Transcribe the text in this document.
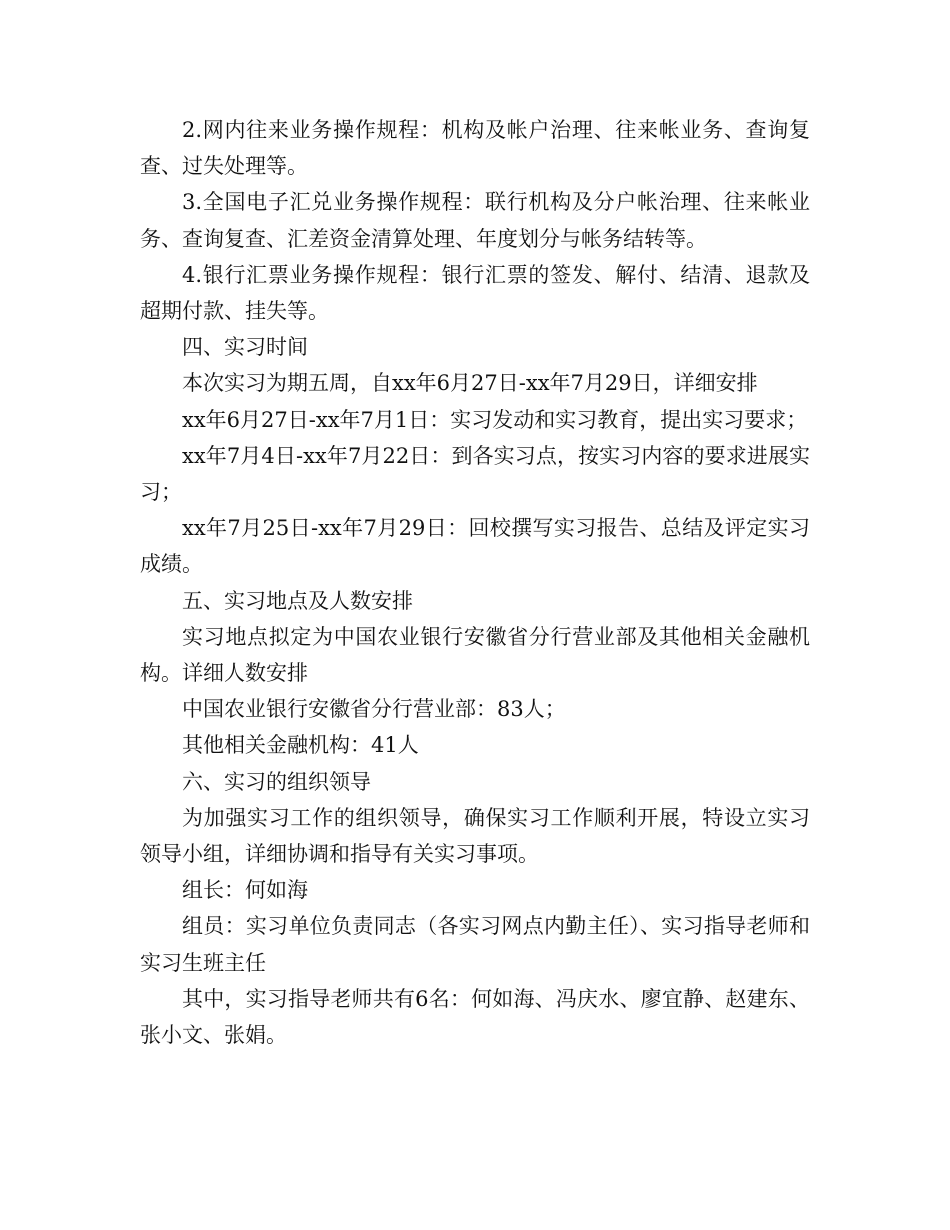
2.网内往来业务操作规程：机构及帐户治理、往来帐业务、查询复查、过失处理等。

3.全国电子汇兑业务操作规程：联行机构及分户帐治理、往来帐业务、查询复查、汇差资金清算处理、年度划分与帐务结转等。

4.银行汇票业务操作规程：银行汇票的签发、解付、结清、退款及超期付款、挂失等。

四、实习时间

本次实习为期五周，自xx年6月27日-xx年7月29日，详细安排

xx年6月27日-xx年7月1日：实习发动和实习教育，提出实习要求；

xx年7月4日-xx年7月22日：到各实习点，按实习内容的要求进展实习；

xx年7月25日-xx年7月29日：回校撰写实习报告、总结及评定实习成绩。

五、实习地点及人数安排

实习地点拟定为中国农业银行安徽省分行营业部及其他相关金融机构。详细人数安排

中国农业银行安徽省分行营业部：83人；

其他相关金融机构：41人

六、实习的组织领导

为加强实习工作的组织领导，确保实习工作顺利开展，特设立实习领导小组，详细协调和指导有关实习事项。

组长：何如海

组员：实习单位负责同志（各实习网点内勤主任）、实习指导老师和实习生班主任

其中，实习指导老师共有6名：何如海、冯庆水、廖宜静、赵建东、张小文、张娟。
